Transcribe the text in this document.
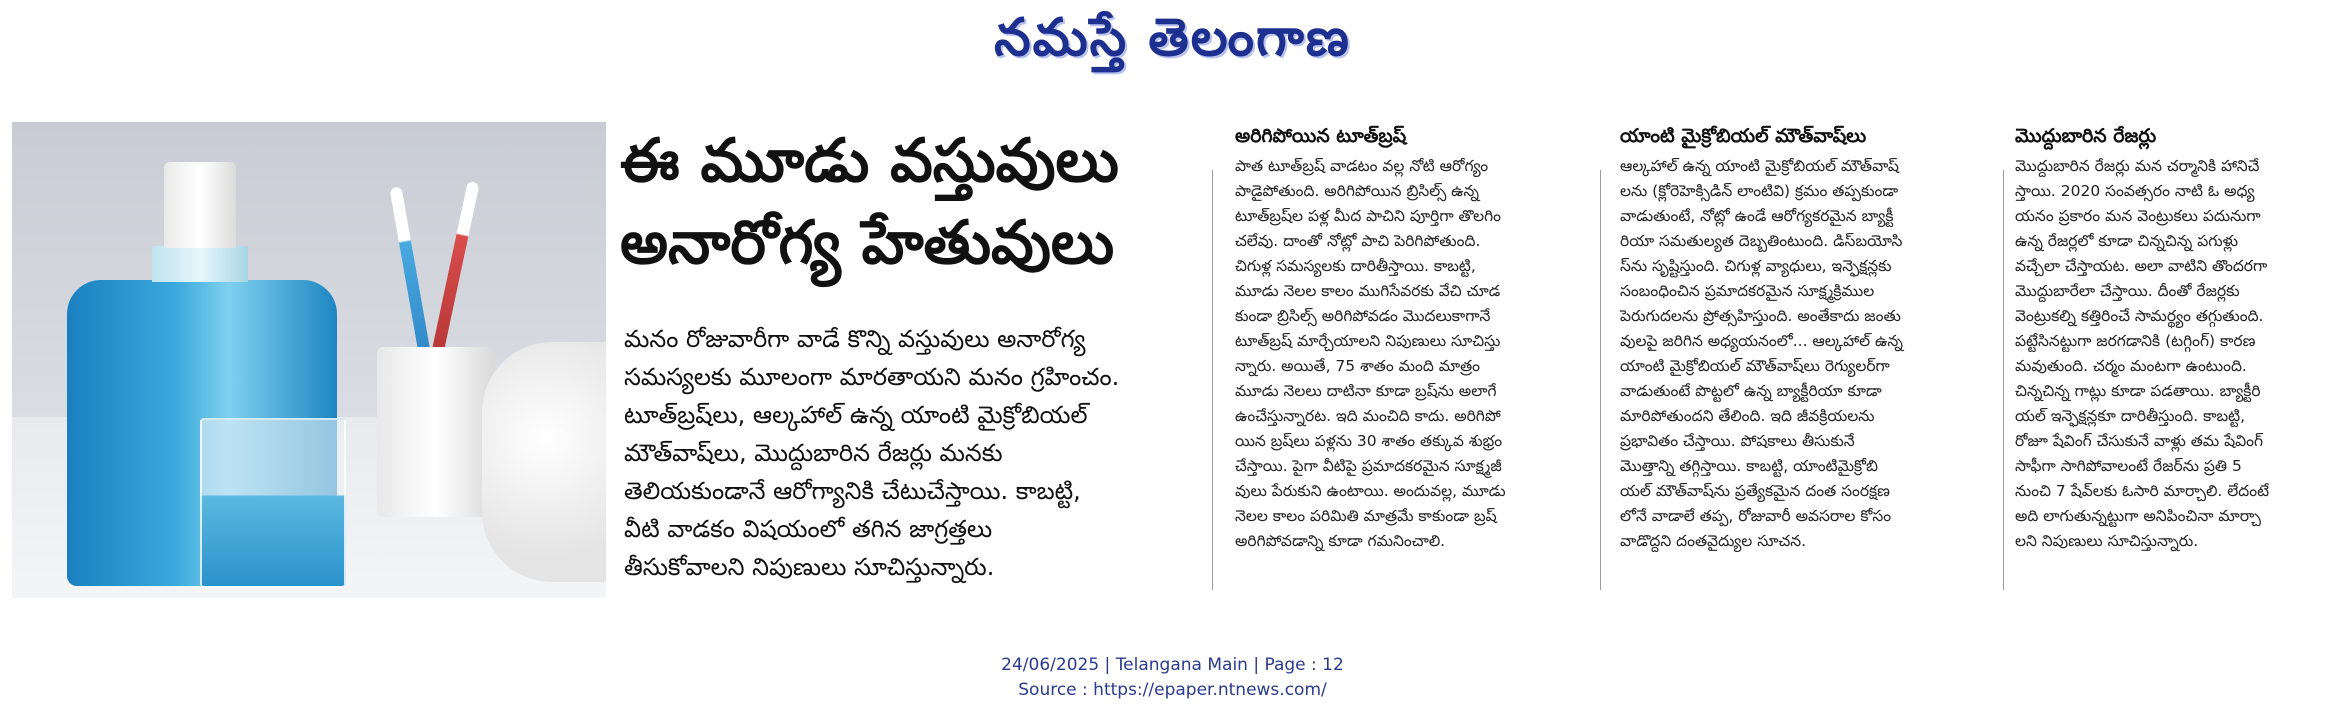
నమస్తే తెలంగాణ
ఈ మూడు వస్తువులు
అనారోగ్య హేతువులు
మనం రోజువారీగా వాడే కొన్ని వస్తువులు అనారోగ్య
సమస్యలకు మూలంగా మారతాయని మనం గ్రహించం.
టూత్‌బ్రష్‌లు, ఆల్కహాల్ ఉన్న యాంటి మైక్రోబియల్
మౌత్‌వాష్‌లు, మొద్దుబారిన రేజర్లు మనకు
తెలియకుండానే ఆరోగ్యానికి చేటుచేస్తాయి. కాబట్టి,
వీటి వాడకం విషయంలో తగిన జాగ్రత్తలు
తీసుకోవాలని నిపుణులు సూచిస్తున్నారు.
అరిగిపోయిన టూత్‌బ్రష్
పాత టూత్‌బ్రష్ వాడటం వల్ల నోటి ఆరోగ్యం
పాడైపోతుంది. అరిగిపోయిన బ్రిసిల్స్ ఉన్న
టూత్‌బ్రష్‌ల పళ్ల మీద పాచిని పూర్తిగా తొలగిం
చలేవు. దాంతో నోట్లో పాచి పెరిగిపోతుంది.
చిగుళ్ల సమస్యలకు దారితీస్తాయి. కాబట్టి,
మూడు నెలల కాలం ముగిసేవరకు వేచి చూడ
కుండా బ్రిసిల్స్ అరిగిపోవడం మొదలుకాగానే
టూత్‌బ్రష్ మార్చేయాలని నిపుణులు సూచిస్తు
న్నారు. అయితే, 75 శాతం మంది మాత్రం
మూడు నెలలు దాటినా కూడా బ్రష్‌ను అలాగే
ఉంచేస్తున్నారట. ఇది మంచిది కాదు. అరిగిపో
యిన బ్రష్‌లు పళ్లను 30 శాతం తక్కువ శుభ్రం
చేస్తాయి. పైగా వీటిపై ప్రమాదకరమైన సూక్ష్మజీ
వులు పేరుకుని ఉంటాయి. అందువల్ల, మూడు
నెలల కాలం పరిమితి మాత్రమే కాకుండా బ్రష్
అరిగిపోవడాన్ని కూడా గమనించాలి.
యాంటి మైక్రోబియల్ మౌత్‌వాష్‌లు
ఆల్కహాల్ ఉన్న యాంటి మైక్రోబియల్ మౌత్‌వాష్
లను (క్లోరెహెక్సిడిన్ లాంటివి) క్రమం తప్పకుండా
వాడుతుంటే, నోట్లో ఉండే ఆరోగ్యకరమైన బ్యాక్టీ
రియా సమతుల్యత దెబ్బతింటుంది. డిస్‌బయోసి
స్‌ను సృష్టిస్తుంది. చిగుళ్ల వ్యాధులు, ఇన్ఫెక్షన్లకు
సంబంధించిన ప్రమాదకరమైన సూక్ష్మక్రిముల
పెరుగుదలను ప్రోత్సహిస్తుంది. అంతేకాదు జంతు
వులపై జరిగిన అధ్యయనంలో... ఆల్కహాల్ ఉన్న
యాంటి మైక్రోబియల్ మౌత్‌వాష్‌లు రెగ్యులర్‌గా
వాడుతుంటే పొట్టలో ఉన్న బ్యాక్టీరియా కూడా
మారిపోతుందని తేలింది. ఇది జీవక్రియలను
ప్రభావితం చేస్తాయి. పోషకాలు తీసుకునే
మొత్తాన్ని తగ్గిస్తాయి. కాబట్టి, యాంటిమైక్రోబి
యల్ మౌత్‌వాష్‌ను ప్రత్యేకమైన దంత సంరక్షణ
లోనే వాడాలే తప్ప, రోజువారీ అవసరాల కోసం
వాడొద్దని దంతవైద్యుల సూచన.
మొద్దుబారిన రేజర్లు
మొద్దుబారిన రేజర్లు మన చర్మానికి హానిచే
స్తాయి. 2020 సంవత్సరం నాటి ఓ అధ్య
యనం ప్రకారం మన వెంట్రుకలు పదునుగా
ఉన్న రేజర్లలో కూడా చిన్నచిన్న పగుళ్లు
వచ్చేలా చేస్తాయట. అలా వాటిని తొందరగా
మొద్దుబారేలా చేస్తాయి. దీంతో రేజర్లకు
వెంట్రుకల్ని కత్తిరించే సామర్థ్యం తగ్గుతుంది.
పట్టేసినట్టుగా జరగడానికి (టగ్గింగ్) కారణ
మవుతుంది. చర్మం మంటగా ఉంటుంది.
చిన్నచిన్న గాట్లు కూడా పడతాయి. బ్యాక్టీరి
యల్ ఇన్ఫెక్షన్లకూ దారితీస్తుంది. కాబట్టి,
రోజూ షేవింగ్ చేసుకునే వాళ్లు తమ షేవింగ్
సాఫీగా సాగిపోవాలంటే రేజర్‌ను ప్రతి 5
నుంచి 7 షేవ్‌లకు ఓసారి మార్చాలి. లేదంటే
అది లాగుతున్నట్టుగా అనిపించినా మార్చా
లని నిపుణులు సూచిస్తున్నారు.
24/06/2025 | Telangana Main | Page : 12
Source : https://epaper.ntnews.com/
